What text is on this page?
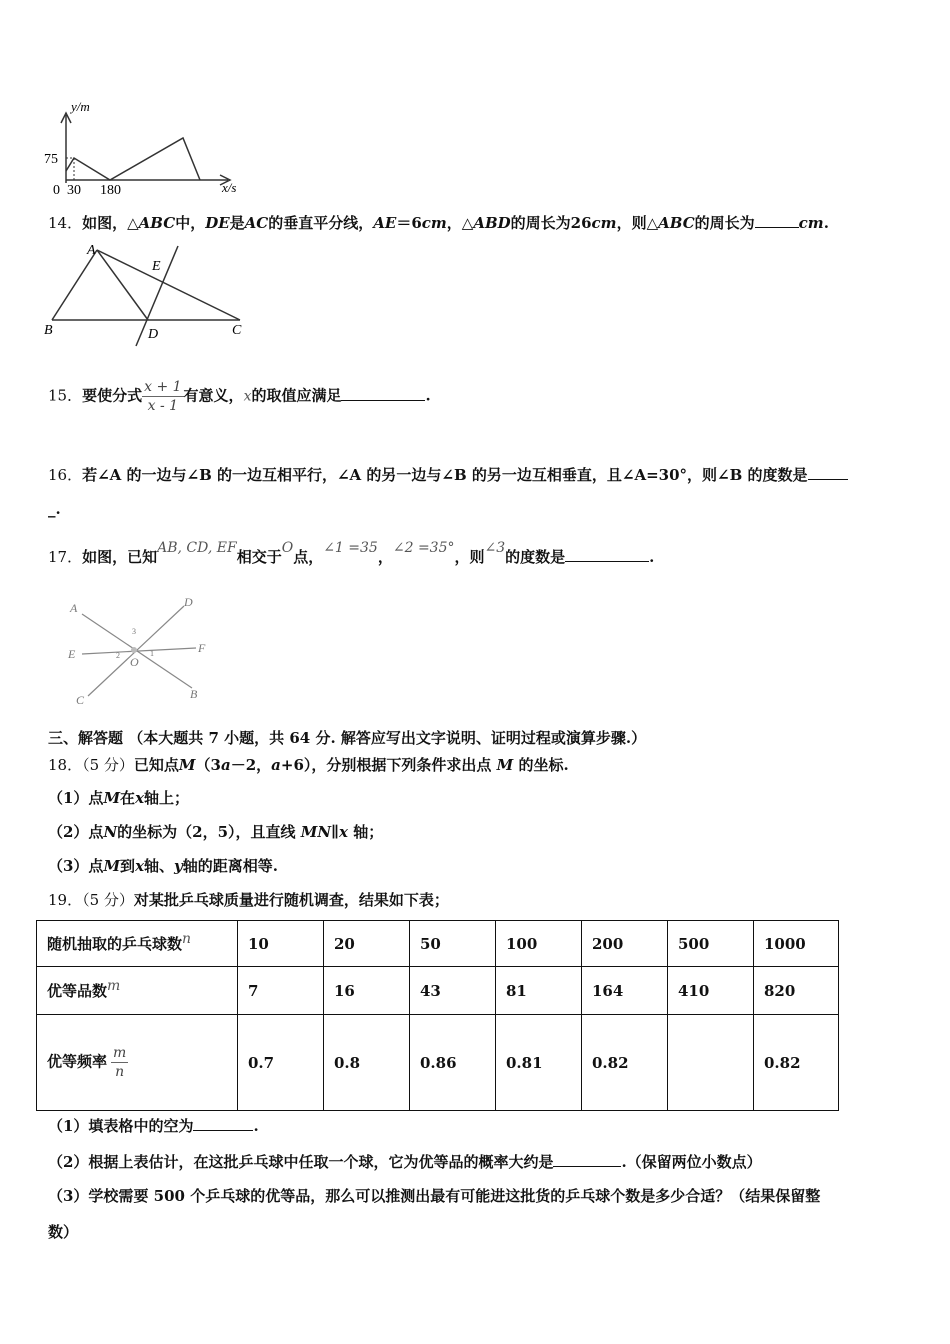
y/m
x/s
75
0 30 180
14．如图，△ABC中，DE是AC的垂直平分线，AE＝6cm，△ABD的周长为26cm，则△ABC的周长为	cm.
A
E
B	D	C
15．要使分式 $\frac{x + 1}{x - 1}$ 有意义，x的取值应满足	.
16．若∠A 的一边与∠B 的一边互相平行，∠A 的另一边与∠B 的另一边互相垂直，且∠A=30°，则∠B 的度数是
_.
17．如图，已知AB, CD, EF相交于O点，∠1 =35，∠2 =35°，则∠3的度数是	.
A	D
3
E	2	1	F
O
C	B
三、解答题 （本大题共 7 小题，共 64 分. 解答应写出文字说明、证明过程或演算步骤.）
18．（5 分）已知点M（3a－2，a+6），分别根据下列条件求出点 M 的坐标.
（1）点M在x轴上；
（2）点N的坐标为（2，5），且直线 MN∥x 轴；
（3）点M到x轴、y轴的距离相等.
19．（5 分）对某批乒乓球质量进行随机调查，结果如下表；
随机抽取的乒乓球数n	10	20	50	100	200	500	1000
优等品数m	7	16	43	81	164	410	820
优等频率 $\frac{m}{n}$	0.7	0.8	0.86	0.81	0.82		0.82
（1）填表格中的空为	.
（2）根据上表估计，在这批乒乓球中任取一个球，它为优等品的概率大约是	.（保留两位小数点）
（3）学校需要 500 个乒乓球的优等品，那么可以推测出最有可能进这批货的乒乓球个数是多少合适？（结果保留整
数）
